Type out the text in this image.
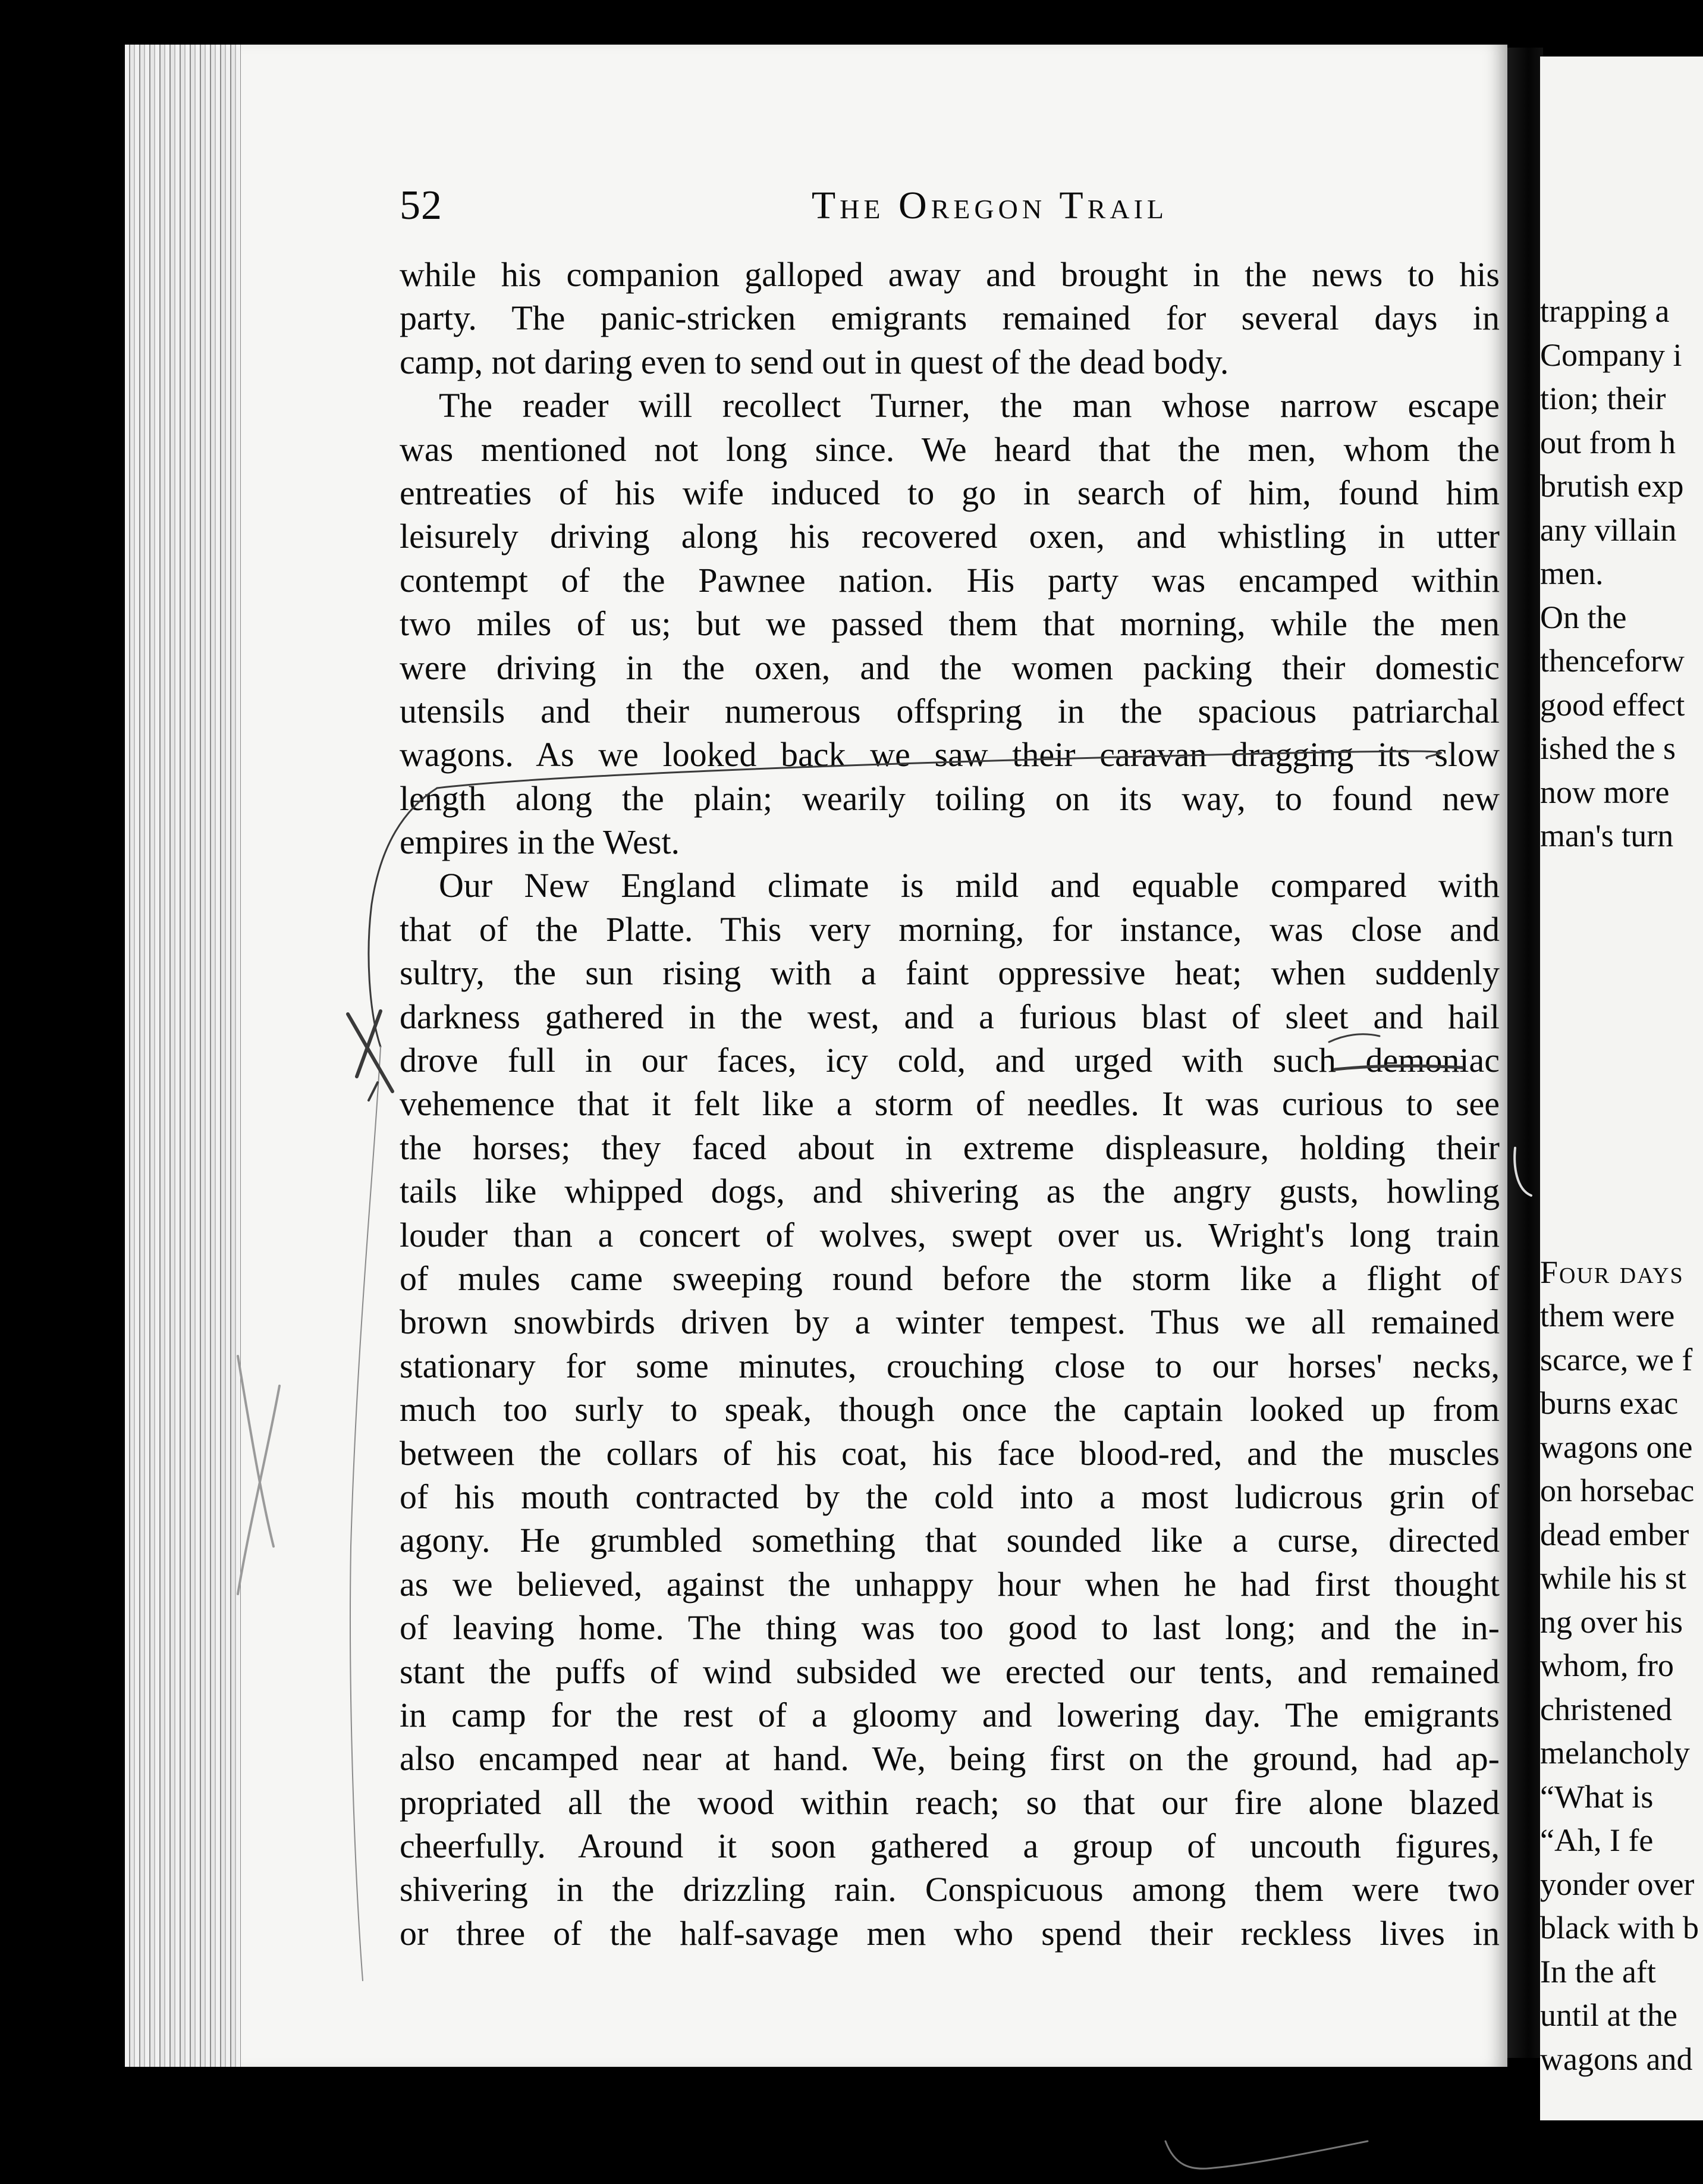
trapping a
Company i
tion; their
out from h
brutish exp
any villain
men.
On the
thenceforw
good effect
ished the s
now more
man's turn
Four days
them were
scarce, we f
burns exac
wagons one
on horsebac
dead ember
while his st
ng over his
whom, fro
christened
melancholy
“What is
“Ah, I fe
yonder over
black with b
In the aft
until at the
wagons and
52	The Oregon Trail
while his companion galloped away and brought in the news to his
party. The panic-stricken emigrants remained for several days in
camp, not daring even to send out in quest of the dead body.
The reader will recollect Turner, the man whose narrow escape
was mentioned not long since. We heard that the men, whom the
entreaties of his wife induced to go in search of him, found him
leisurely driving along his recovered oxen, and whistling in utter
contempt of the Pawnee nation. His party was encamped within
two miles of us; but we passed them that morning, while the men
were driving in the oxen, and the women packing their domestic
utensils and their numerous offspring in the spacious patriarchal
wagons. As we looked back we saw their caravan dragging its slow
length along the plain; wearily toiling on its way, to found new
empires in the West.
Our New England climate is mild and equable compared with
that of the Platte. This very morning, for instance, was close and
sultry, the sun rising with a faint oppressive heat; when suddenly
darkness gathered in the west, and a furious blast of sleet and hail
drove full in our faces, icy cold, and urged with such demoniac
vehemence that it felt like a storm of needles. It was curious to see
the horses; they faced about in extreme displeasure, holding their
tails like whipped dogs, and shivering as the angry gusts, howling
louder than a concert of wolves, swept over us. Wright's long train
of mules came sweeping round before the storm like a flight of
brown snowbirds driven by a winter tempest. Thus we all remained
stationary for some minutes, crouching close to our horses' necks,
much too surly to speak, though once the captain looked up from
between the collars of his coat, his face blood-red, and the muscles
of his mouth contracted by the cold into a most ludicrous grin of
agony. He grumbled something that sounded like a curse, directed
as we believed, against the unhappy hour when he had first thought
of leaving home. The thing was too good to last long; and the in-
stant the puffs of wind subsided we erected our tents, and remained
in camp for the rest of a gloomy and lowering day. The emigrants
also encamped near at hand. We, being first on the ground, had ap-
propriated all the wood within reach; so that our fire alone blazed
cheerfully. Around it soon gathered a group of uncouth figures,
shivering in the drizzling rain. Conspicuous among them were two
or three of the half-savage men who spend their reckless lives in
